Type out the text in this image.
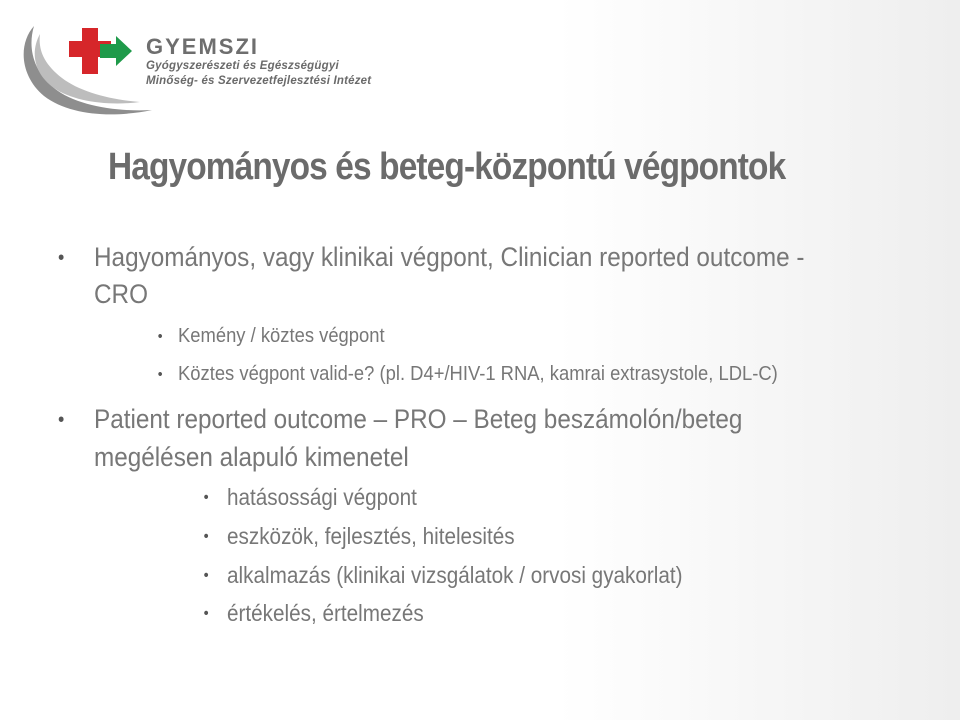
GYEMSZI
Gyógyszerészeti és Egészségügyi
Minőség- és Szervezetfejlesztési Intézet
Hagyományos és beteg-központú végpontok
• Hagyományos, vagy klinikai végpont, Clinician reported outcome -
CRO
• Kemény / köztes végpont
• Köztes végpont valid-e? (pl. D4+/HIV-1 RNA, kamrai extrasystole, LDL-C)
• Patient reported outcome – PRO – Beteg beszámolón/beteg
megélésen alapuló kimenetel
• hatásossági végpont
• eszközök, fejlesztés, hitelesités
• alkalmazás (klinikai vizsgálatok / orvosi gyakorlat)
• értékelés, értelmezés
